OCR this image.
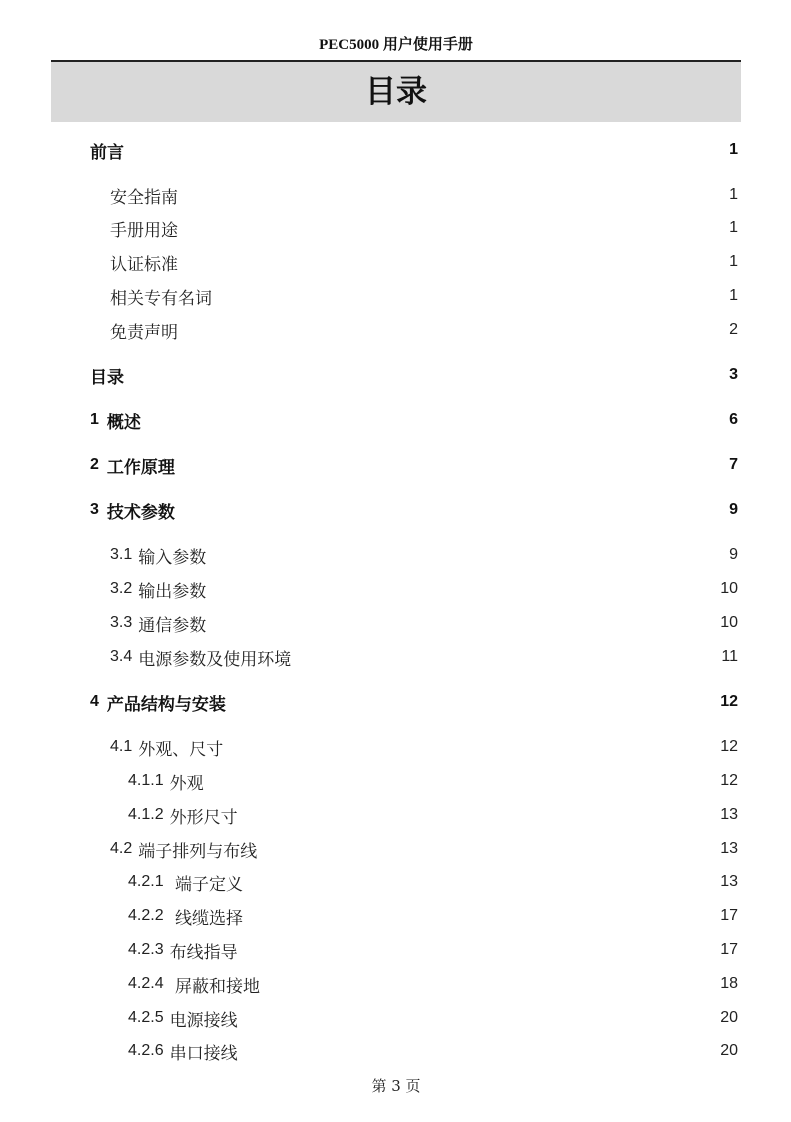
PEC5000 用户使用手册
目录
前言	1
安全指南	1
手册用途	1
认证标准	1
相关专有名词	1
免责声明	2
目录	3
1 概述	6
2 工作原理	7
3 技术参数	9
3.1 输入参数	9
3.2 输出参数	10
3.3 通信参数	10
3.4 电源参数及使用环境	11
4 产品结构与安装	12
4.1 外观、尺寸	12
4.1.1 外观	12
4.1.2 外形尺寸	13
4.2 端子排列与布线	13
4.2.1 端子定义	13
4.2.2 线缆选择	17
4.2.3 布线指导	17
4.2.4 屏蔽和接地	18
4.2.5 电源接线	20
4.2.6 串口接线	20
第 3 页
